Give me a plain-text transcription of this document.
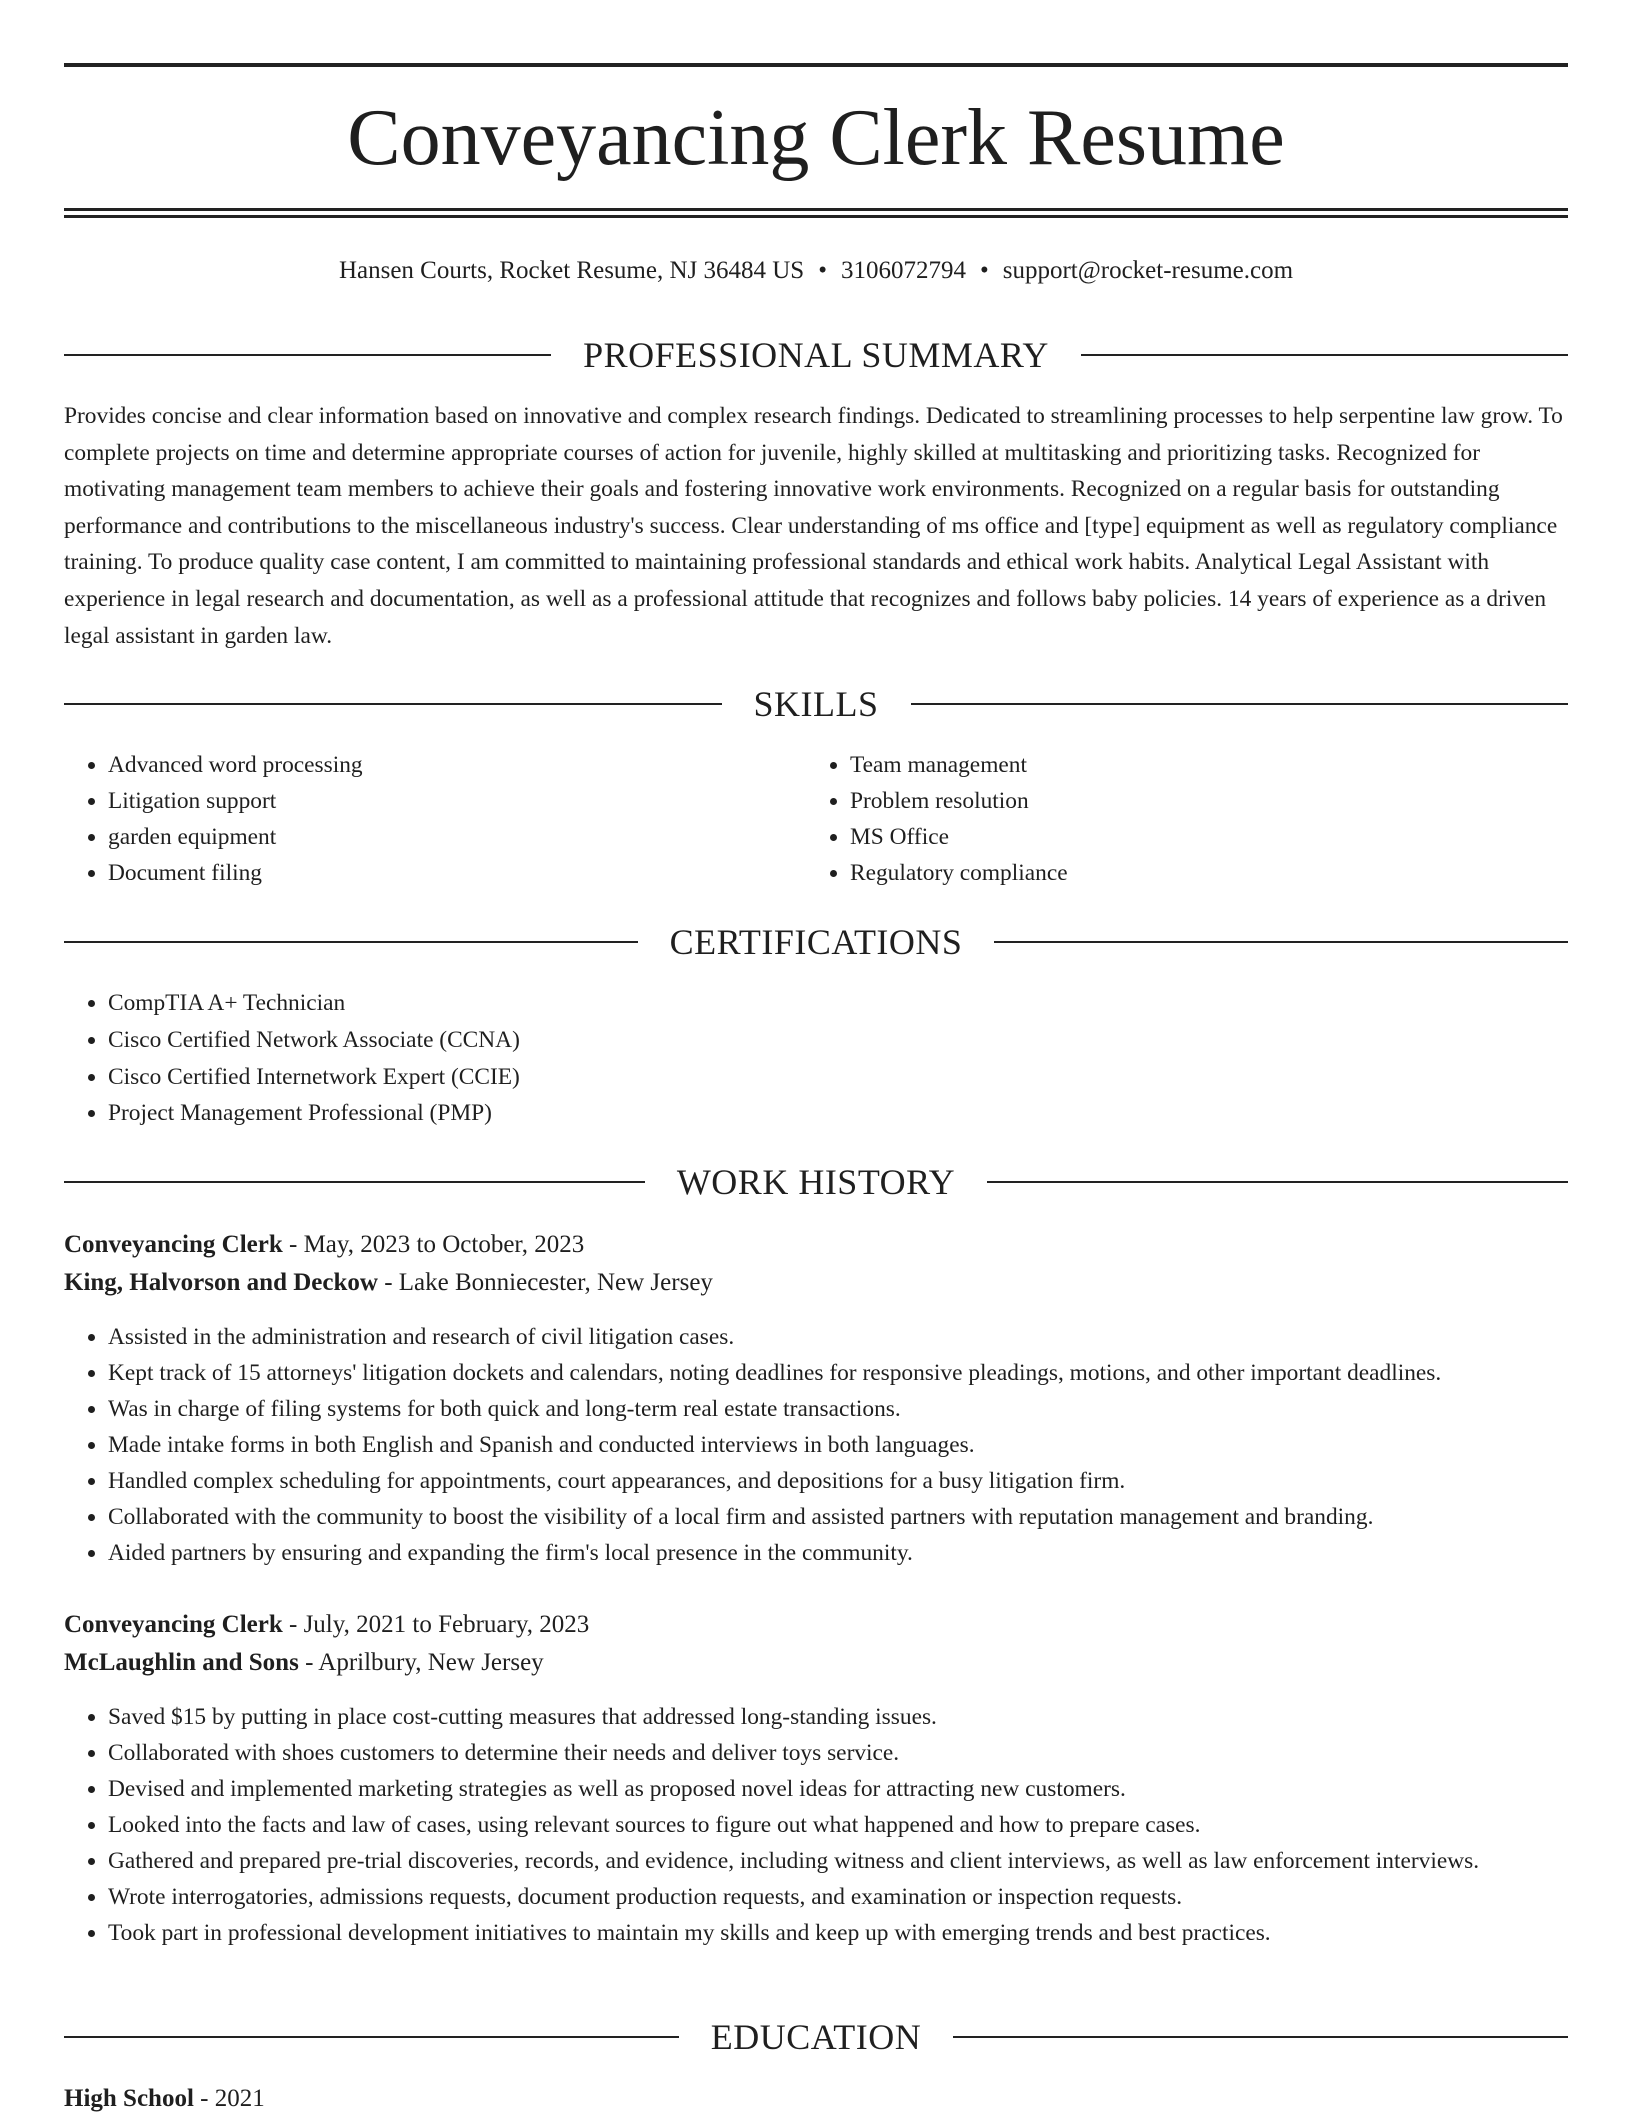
Conveyancing Clerk Resume
Hansen Courts, Rocket Resume, NJ 36484 US • 3106072794 • support@rocket-resume.com
PROFESSIONAL SUMMARY

Provides concise and clear information based on innovative and complex research findings. Dedicated to streamlining processes to help serpentine law grow. To complete projects on time and determine appropriate courses of action for juvenile, highly skilled at multitasking and prioritizing tasks. Recognized for motivating management team members to achieve their goals and fostering innovative work environments. Recognized on a regular basis for outstanding performance and contributions to the miscellaneous industry's success. Clear understanding of ms office and [type] equipment as well as regulatory compliance training. To produce quality case content, I am committed to maintaining professional standards and ethical work habits. Analytical Legal Assistant with experience in legal research and documentation, as well as a professional attitude that recognizes and follows baby policies. 14 years of experience as a driven legal assistant in garden law.

SKILLS
• Advanced word processing
• Litigation support
• garden equipment
• Document filing
• Team management
• Problem resolution
• MS Office
• Regulatory compliance
CERTIFICATIONS
• CompTIA A+ Technician
• Cisco Certified Network Associate (CCNA)
• Cisco Certified Internetwork Expert (CCIE)
• Project Management Professional (PMP)
WORK HISTORY
Conveyancing Clerk - May, 2023 to October, 2023
King, Halvorson and Deckow - Lake Bonniecester, New Jersey
• Assisted in the administration and research of civil litigation cases.
• Kept track of 15 attorneys' litigation dockets and calendars, noting deadlines for responsive pleadings, motions, and other important deadlines.
• Was in charge of filing systems for both quick and long-term real estate transactions.
• Made intake forms in both English and Spanish and conducted interviews in both languages.
• Handled complex scheduling for appointments, court appearances, and depositions for a busy litigation firm.
• Collaborated with the community to boost the visibility of a local firm and assisted partners with reputation management and branding.
• Aided partners by ensuring and expanding the firm's local presence in the community.
Conveyancing Clerk - July, 2021 to February, 2023
McLaughlin and Sons - Aprilbury, New Jersey
• Saved $15 by putting in place cost-cutting measures that addressed long-standing issues.
• Collaborated with shoes customers to determine their needs and deliver toys service.
• Devised and implemented marketing strategies as well as proposed novel ideas for attracting new customers.
• Looked into the facts and law of cases, using relevant sources to figure out what happened and how to prepare cases.
• Gathered and prepared pre-trial discoveries, records, and evidence, including witness and client interviews, as well as law enforcement interviews.
• Wrote interrogatories, admissions requests, document production requests, and examination or inspection requests.
• Took part in professional development initiatives to maintain my skills and keep up with emerging trends and best practices.
EDUCATION
High School - 2021
